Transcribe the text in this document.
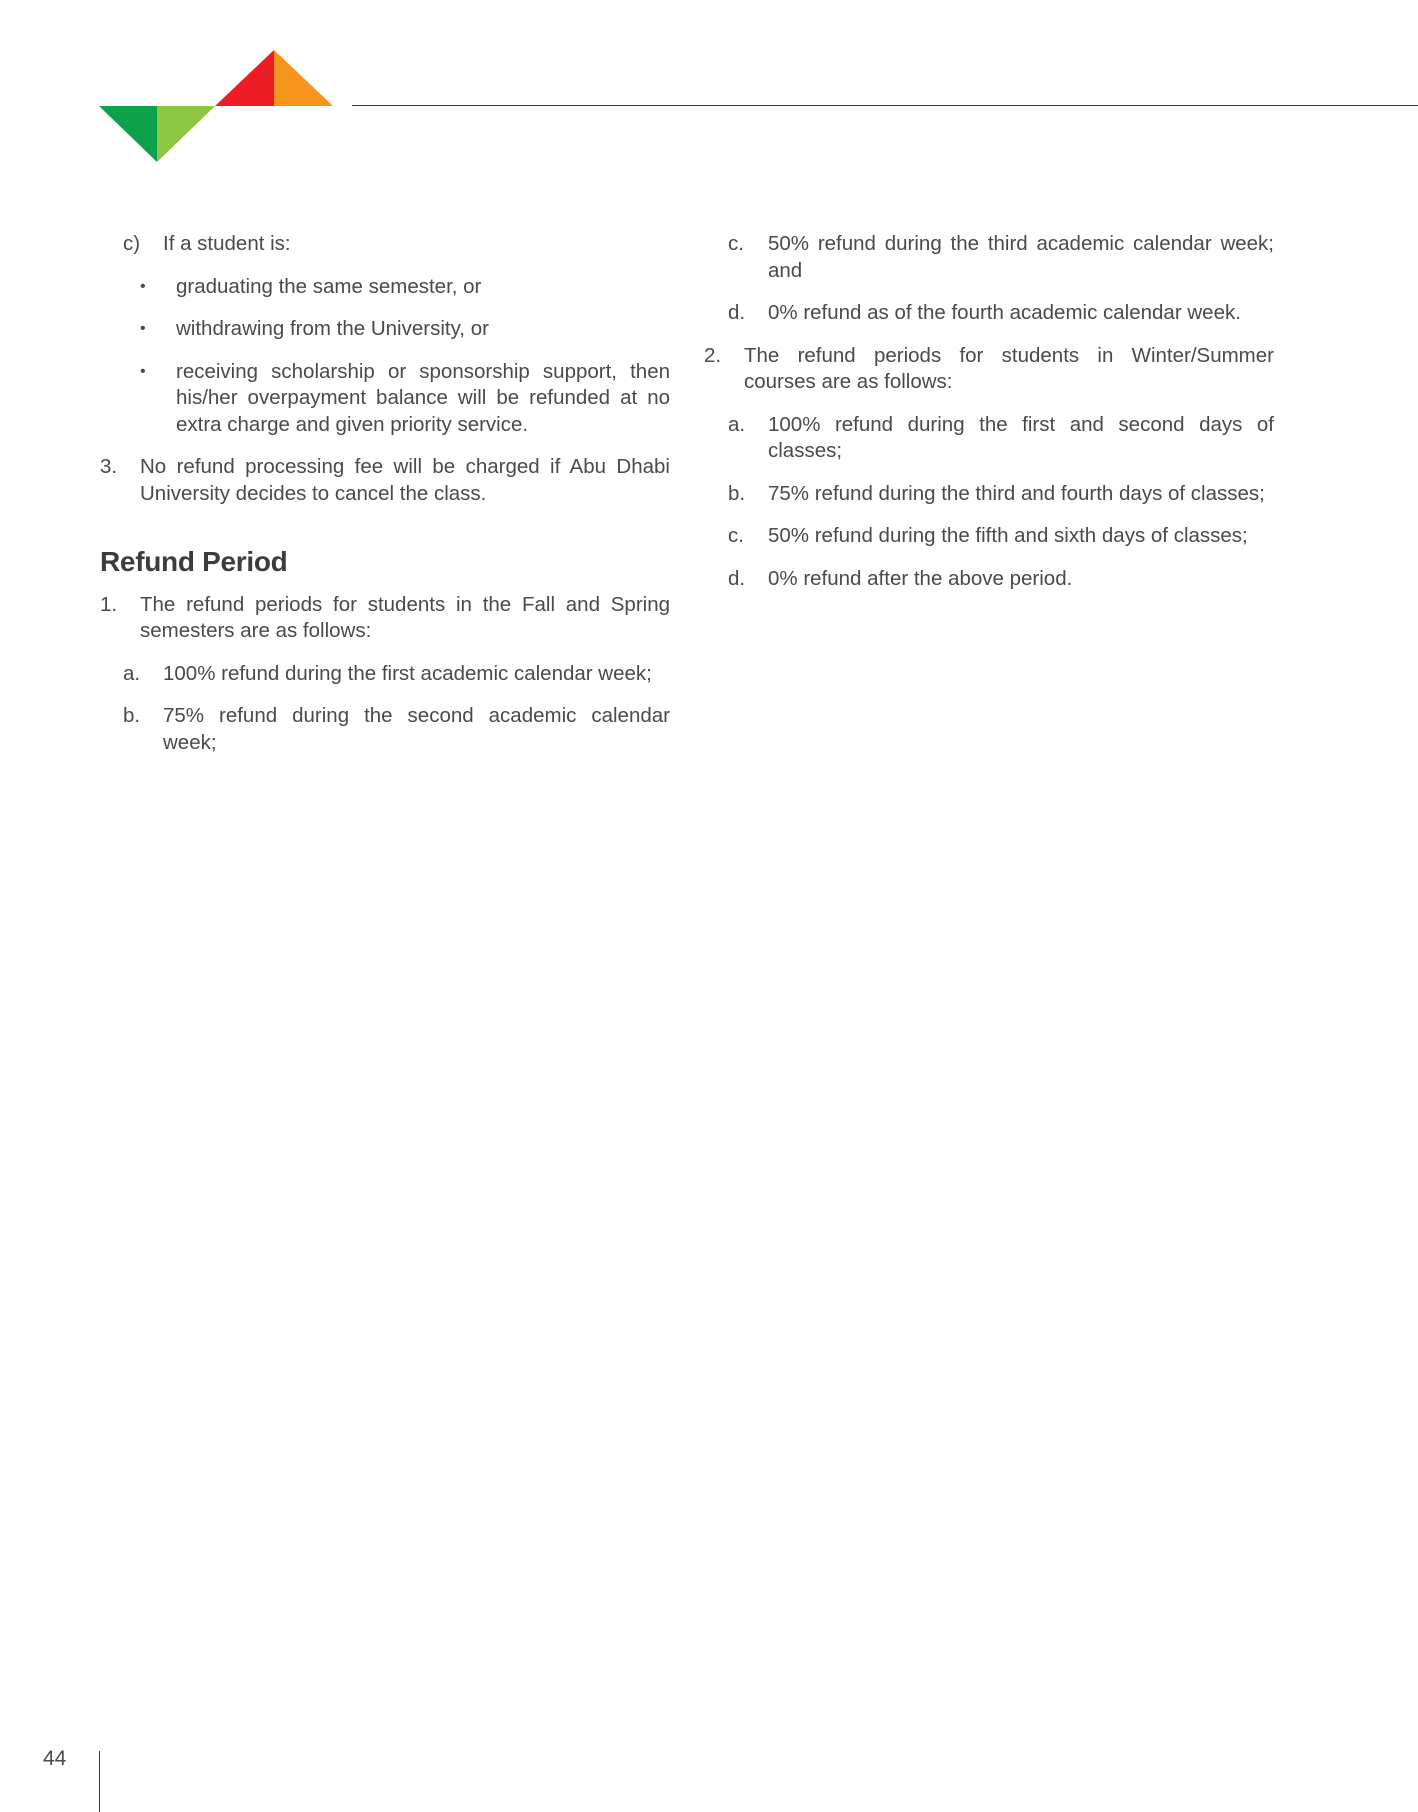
c) If a student is:
• graduating the same semester, or
• withdrawing from the University, or
• receiving scholarship or sponsorship support, then his/her overpayment balance will be refunded at no extra charge and given priority service.
3. No refund processing fee will be charged if Abu Dhabi University decides to cancel the class.
Refund Period
1. The refund periods for students in the Fall and Spring semesters are as follows:
a. 100% refund during the first academic calendar week;
b. 75% refund during the second academic calendar week;
c. 50% refund during the third academic calendar week; and
d. 0% refund as of the fourth academic calendar week.
2. The refund periods for students in Winter/Summer courses are as follows:
a. 100% refund during the first and second days of classes;
b. 75% refund during the third and fourth days of classes;
c. 50% refund during the fifth and sixth days of classes;
d. 0% refund after the above period.
44
